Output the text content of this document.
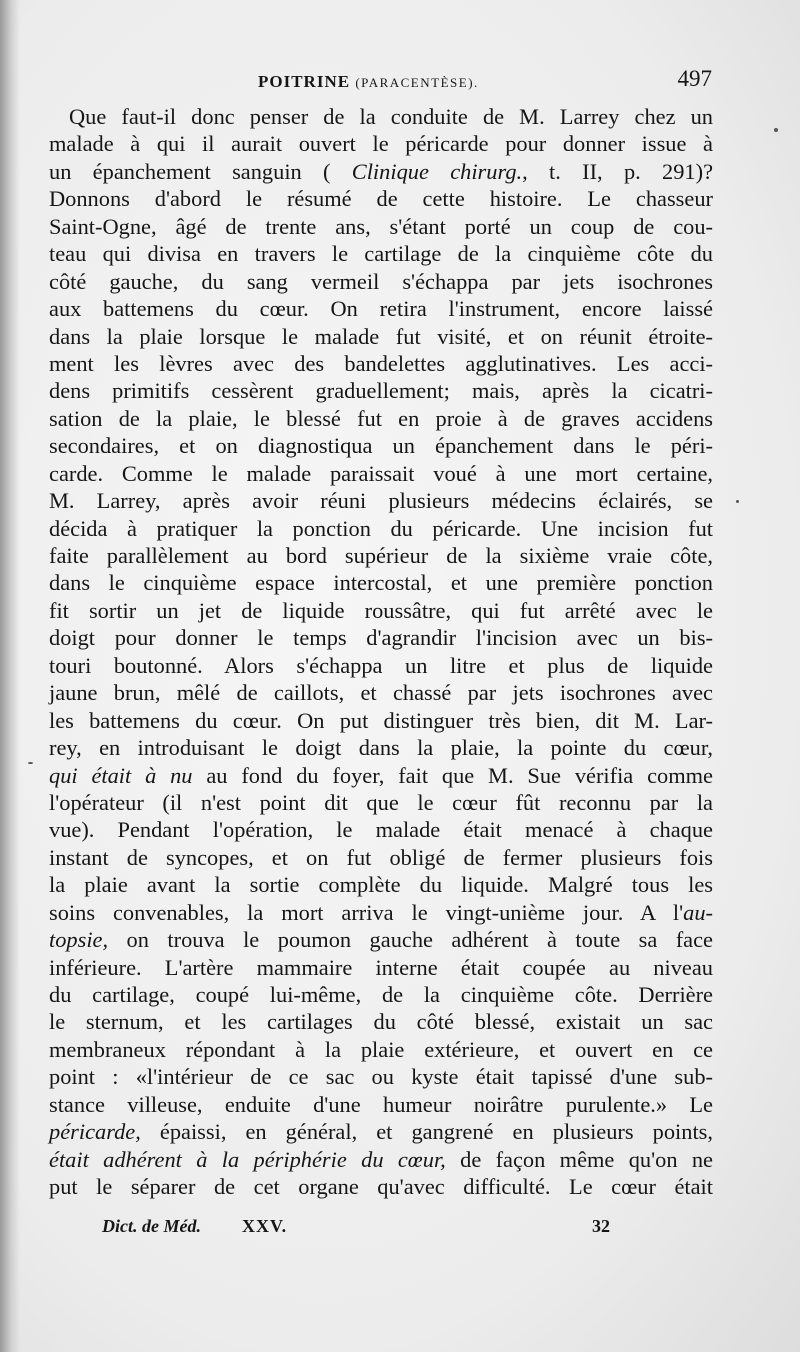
POITRINE (PARACENTÈSE).	497
Que faut-il donc penser de la conduite de M. Larrey chez un
malade à qui il aurait ouvert le péricarde pour donner issue à
un épanchement sanguin ( Clinique chirurg., t. II, p. 291)?
Donnons d'abord le résumé de cette histoire. Le chasseur
Saint-Ogne, âgé de trente ans, s'étant porté un coup de cou-
teau qui divisa en travers le cartilage de la cinquième côte du
côté gauche, du sang vermeil s'échappa par jets isochrones
aux battemens du cœur. On retira l'instrument, encore laissé
dans la plaie lorsque le malade fut visité, et on réunit étroite-
ment les lèvres avec des bandelettes agglutinatives. Les acci-
dens primitifs cessèrent graduellement; mais, après la cicatri-
sation de la plaie, le blessé fut en proie à de graves accidens
secondaires, et on diagnostiqua un épanchement dans le péri-
carde. Comme le malade paraissait voué à une mort certaine,
M. Larrey, après avoir réuni plusieurs médecins éclairés, se
décida à pratiquer la ponction du péricarde. Une incision fut
faite parallèlement au bord supérieur de la sixième vraie côte,
dans le cinquième espace intercostal, et une première ponction
fit sortir un jet de liquide roussâtre, qui fut arrêté avec le
doigt pour donner le temps d'agrandir l'incision avec un bis-
touri boutonné. Alors s'échappa un litre et plus de liquide
jaune brun, mêlé de caillots, et chassé par jets isochrones avec
les battemens du cœur. On put distinguer très bien, dit M. Lar-
rey, en introduisant le doigt dans la plaie, la pointe du cœur,
qui était à nu au fond du foyer, fait que M. Sue vérifia comme
l'opérateur (il n'est point dit que le cœur fût reconnu par la
vue). Pendant l'opération, le malade était menacé à chaque
instant de syncopes, et on fut obligé de fermer plusieurs fois
la plaie avant la sortie complète du liquide. Malgré tous les
soins convenables, la mort arriva le vingt-unième jour. A l'au-
topsie, on trouva le poumon gauche adhérent à toute sa face
inférieure. L'artère mammaire interne était coupée au niveau
du cartilage, coupé lui-même, de la cinquième côte. Derrière
le sternum, et les cartilages du côté blessé, existait un sac
membraneux répondant à la plaie extérieure, et ouvert en ce
point : «l'intérieur de ce sac ou kyste était tapissé d'une sub-
stance villeuse, enduite d'une humeur noirâtre purulente.» Le
péricarde, épaissi, en général, et gangrené en plusieurs points,
était adhérent à la périphérie du cœur, de façon même qu'on ne
put le séparer de cet organe qu'avec difficulté. Le cœur était
Dict. de Méd. XXV.	32
